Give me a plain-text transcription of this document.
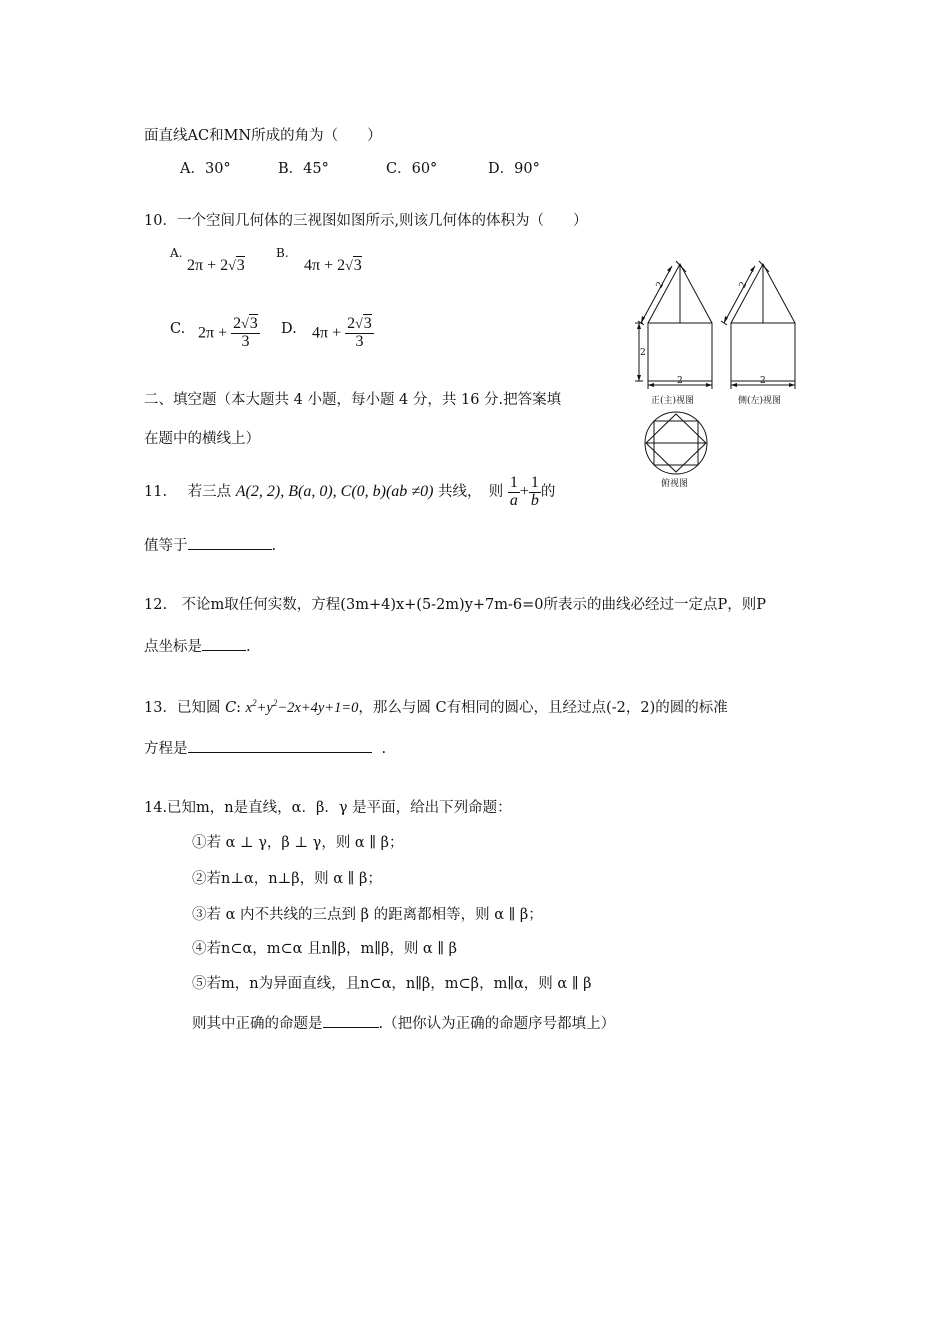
面直线AC和MN所成的角为（　　）
A．30°	B．45°	C．60°	D．90°
10．一个空间几何体的三视图如图所示,则该几何体的体积为（　　）
A.
2π + 2√3
B.
4π + 2√3
C. $2\pi + \frac{2√3}{3} D$. $4\pi + \frac{2√3}{3}$
2
2
2
2
2
正(主)视图	侧(左)视图
俯视图
二、填空题（本大题共 4 小题，每小题 4 分，共 16 分.把答案填
在题中的横线上）
11. 若三点 A(2, 2), B(a, 0), C(0, b)(ab ≠0) 共线，　则 $\frac{1}{a} + \frac{1}{b}$ 的
值等于	.
12.　不论m取任何实数，方程(3m+4)x+(5-2m)y+7m-6=0所表示的曲线必经过一定点P，则P
点坐标是	.
13．已知圆 C: $x^2+y^2-2x+4y+1=0$，那么与圆 C有相同的圆心，且经过点(-2，2)的圆的标准
方程是	.
14.已知m，n是直线，α．β．γ 是平面，给出下列命题：
①若 α ⊥ γ，β ⊥ γ，则 α ∥ β；
②若n⊥α，n⊥β，则 α ∥ β；
③若 α 内不共线的三点到 β 的距离都相等，则 α ∥ β；
④若n⊂α，m⊂α 且n∥β，m∥β，则 α ∥ β
⑤若m，n为异面直线，且n⊂α，n∥β，m⊂β，m∥α，则 α ∥ β
则其中正确的命题是	.（把你认为正确的命题序号都填上）
